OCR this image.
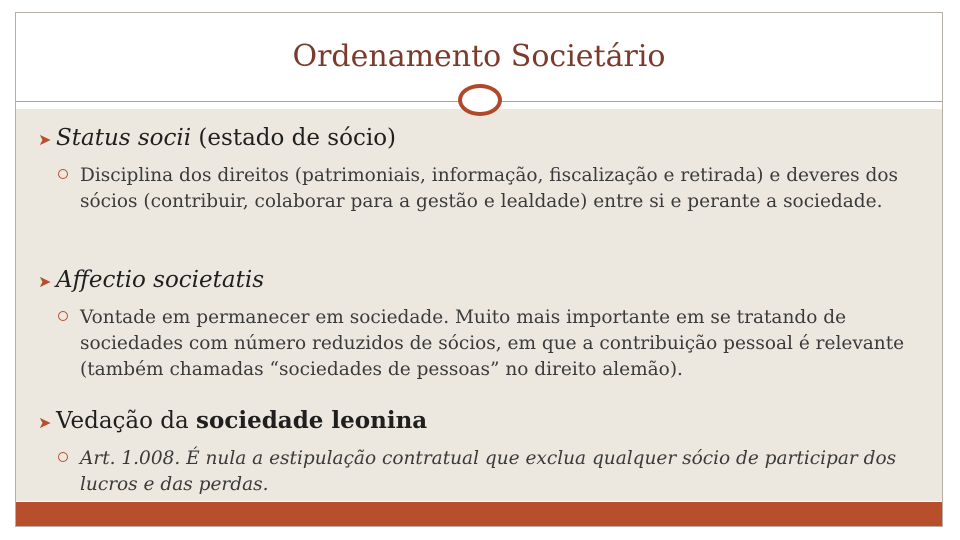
Ordenamento Societário
➤ Status socii (estado de sócio)
Disciplina dos direitos (patrimoniais, informação, fiscalização e retirada) e deveres dos sócios (contribuir, colaborar para a gestão e lealdade) entre si e perante a sociedade.
➤ Affectio societatis
Vontade em permanecer em sociedade. Muito mais importante em se tratando de sociedades com número reduzidos de sócios, em que a contribuição pessoal é relevante (também chamadas “sociedades de pessoas” no direito alemão).
➤ Vedação da sociedade leonina
Art. 1.008. É nula a estipulação contratual que exclua qualquer sócio de participar dos lucros e das perdas.
